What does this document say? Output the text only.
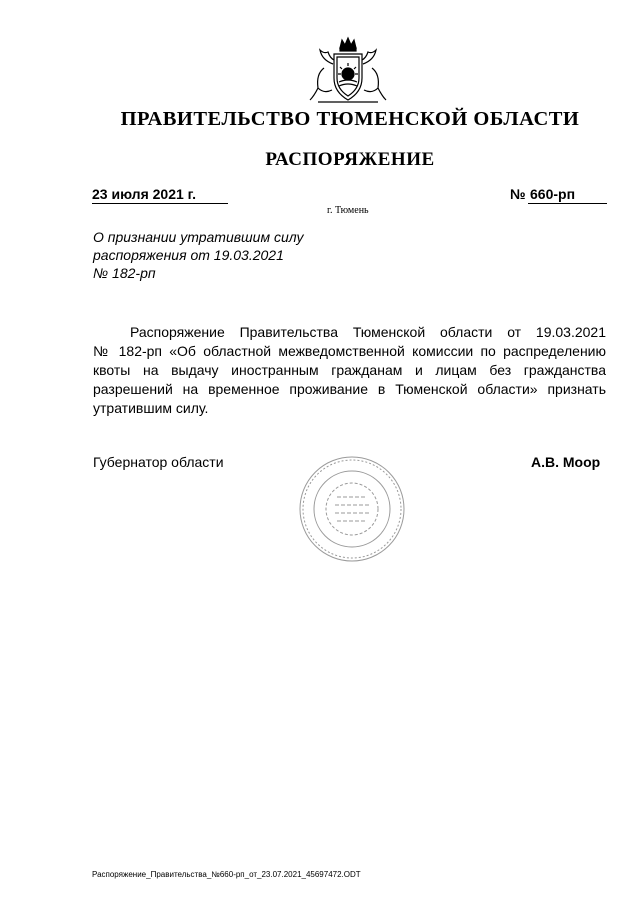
ПРАВИТЕЛЬСТВО ТЮМЕНСКОЙ ОБЛАСТИ
РАСПОРЯЖЕНИЕ
23 июля 2021 г.	№ 660-рп
г. Тюмень
О признании утратившим силу
распоряжения от 19.03.2021
№ 182-рп
Распоряжение Правительства Тюменской области от 19.03.2021
№ 182-рп «Об областной межведомственной комиссии по распределению
квоты на выдачу иностранным гражданам и лицам без гражданства
разрешений на временное проживание в Тюменской области» признать
утратившим силу.
Губернатор области	А.В. Моор
Распоряжение_Правительства_№660-рп_от_23.07.2021_45697472.ODT
